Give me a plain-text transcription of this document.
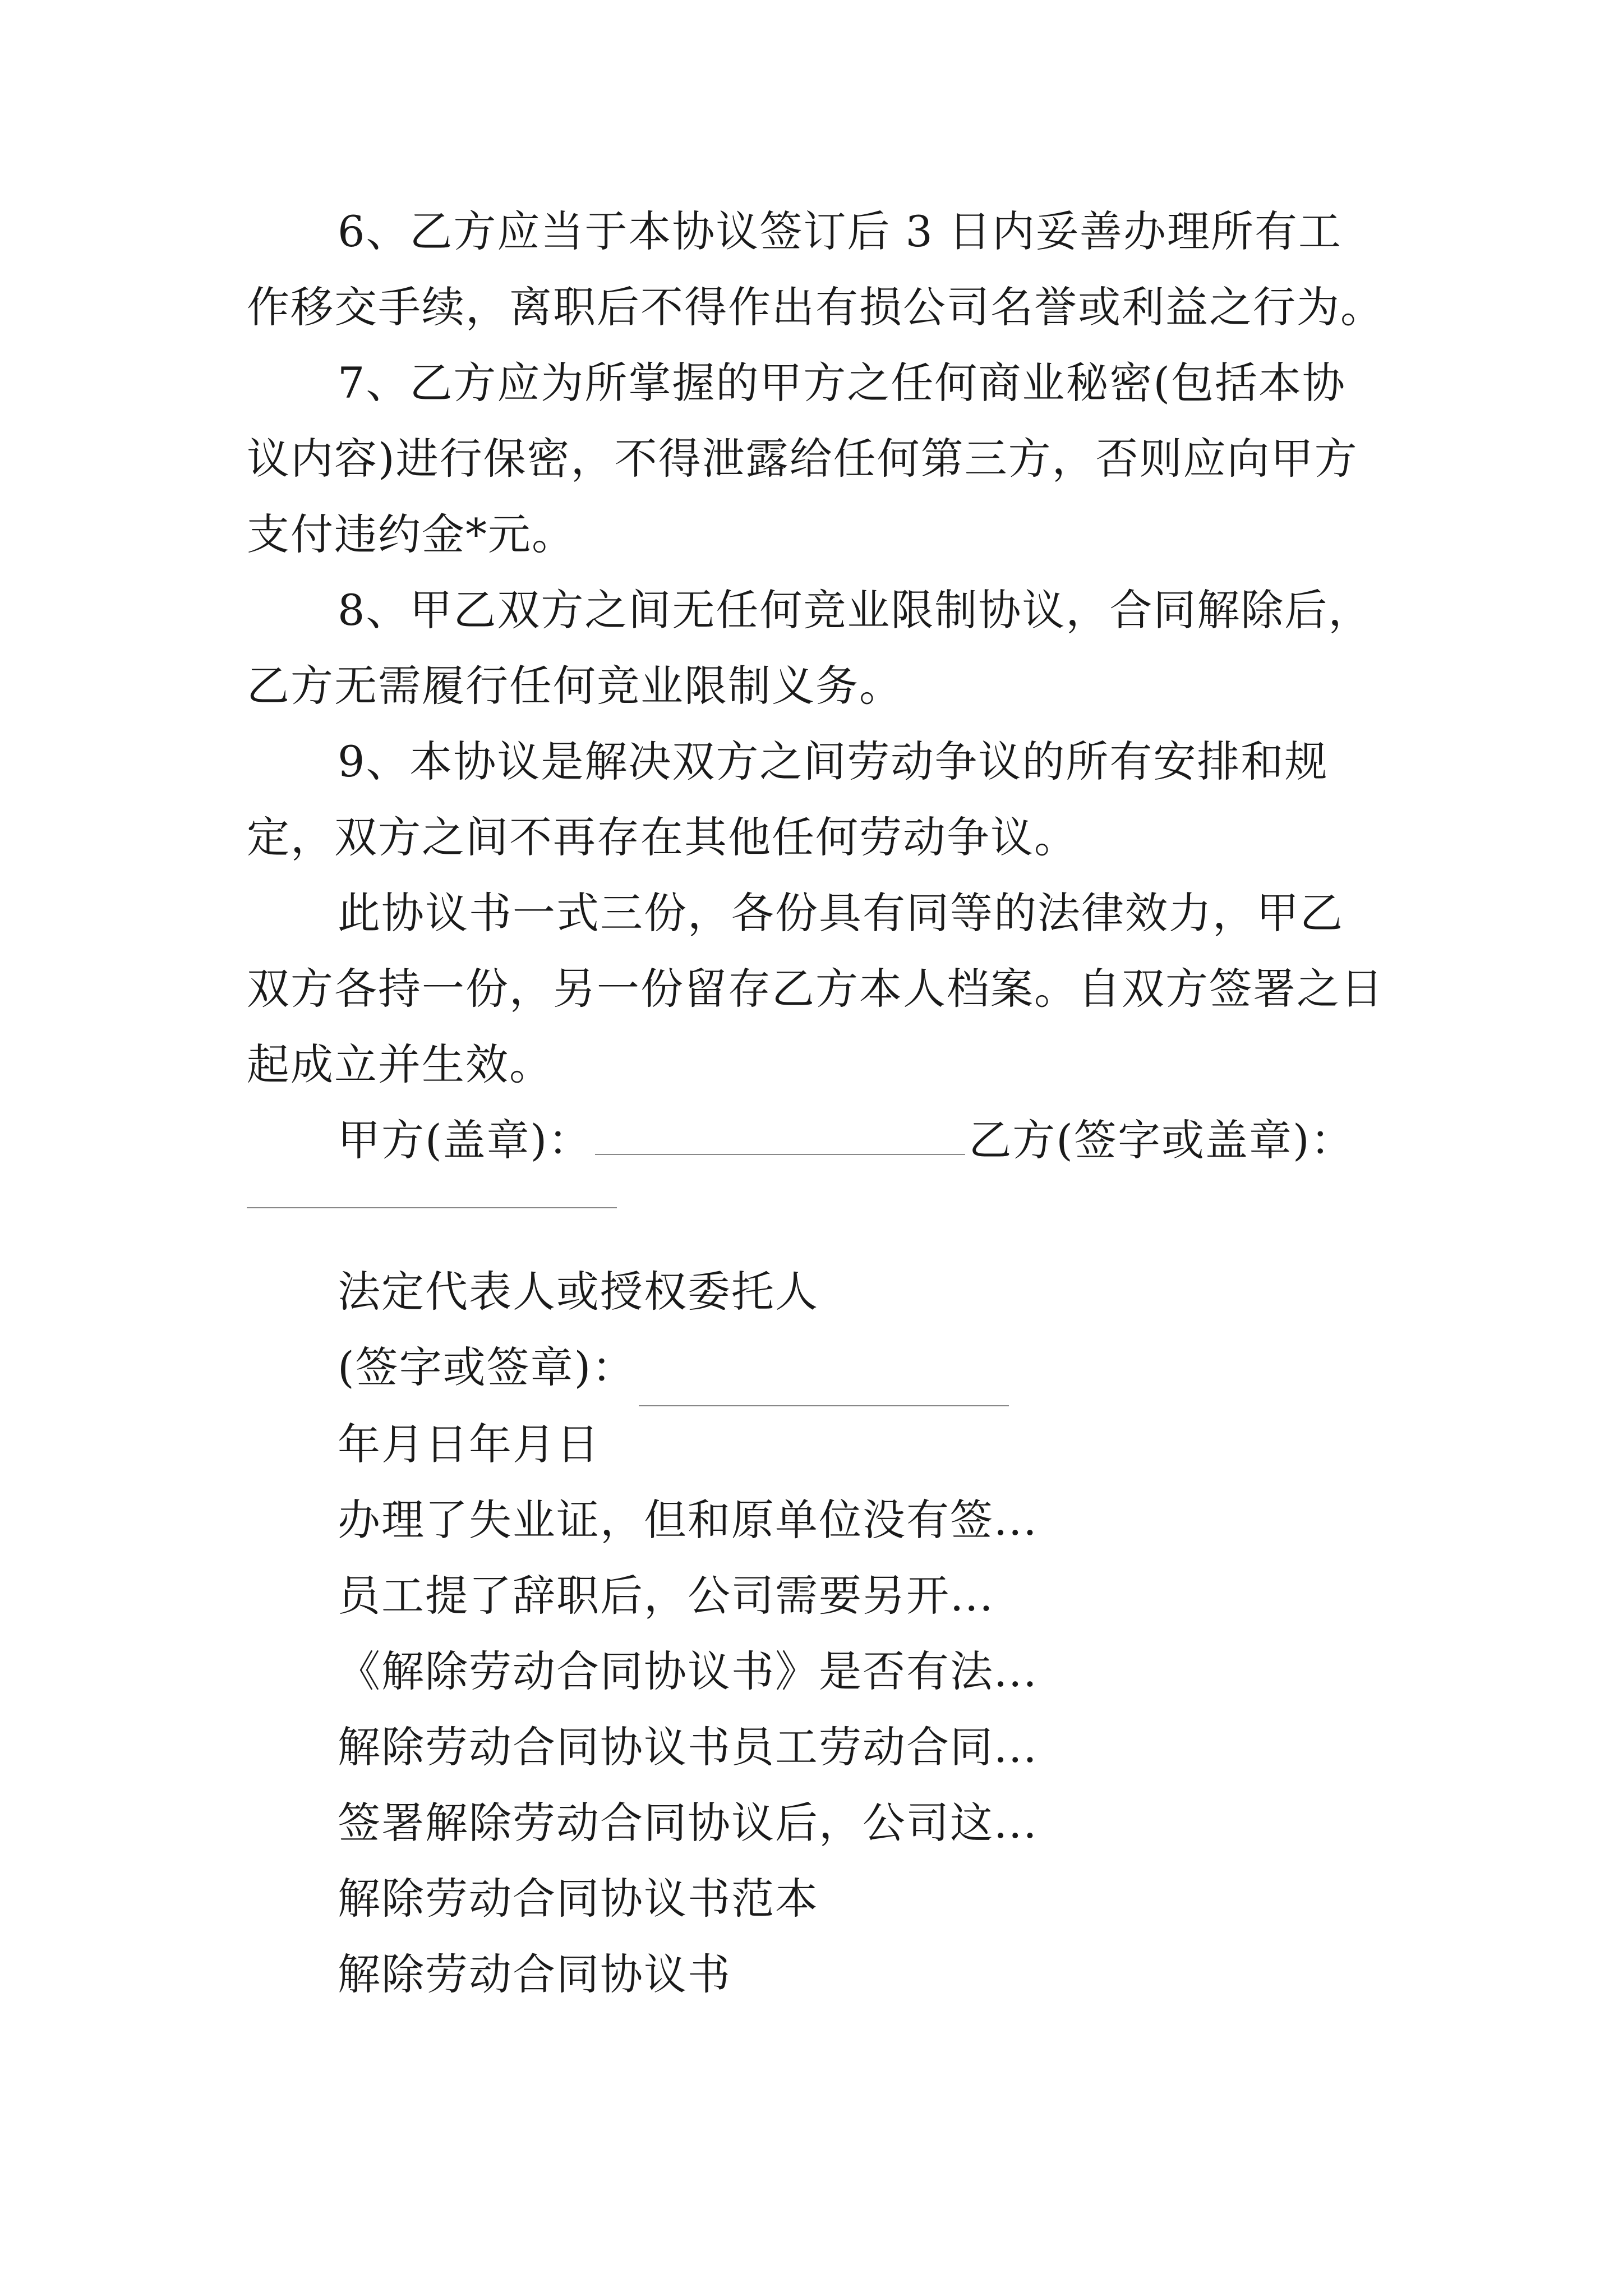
6、乙方应当于本协议签订后 3 日内妥善办理所有工作移交手续，离职后不得作出有损公司名誉或利益之行为。

7、乙方应为所掌握的甲方之任何商业秘密(包括本协议内容)进行保密，不得泄露给任何第三方，否则应向甲方支付违约金*元。

8、甲乙双方之间无任何竞业限制协议，合同解除后，乙方无需履行任何竞业限制义务。

9、本协议是解决双方之间劳动争议的所有安排和规定，双方之间不再存在其他任何劳动争议。

此协议书一式三份，各份具有同等的法律效力，甲乙双方各持一份，另一份留存乙方本人档案。自双方签署之日起成立并生效。

甲方(盖章)：	乙方(签字或盖章)：

法定代表人或授权委托人

(签字或签章)：

年月日年月日

办理了失业证，但和原单位没有签...

员工提了辞职后，公司需要另开...

《解除劳动合同协议书》是否有法...

解除劳动合同协议书员工劳动合同...

签署解除劳动合同协议后，公司这...

解除劳动合同协议书范本

解除劳动合同协议书
